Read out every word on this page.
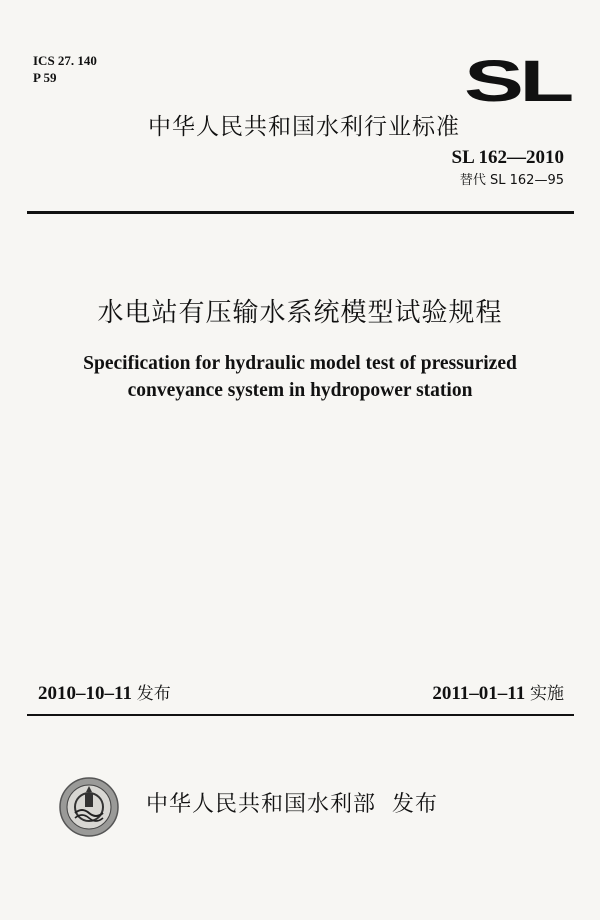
ICS 27. 140
P 59	SL
中华人民共和国水利行业标准
SL 162—2010
替代 SL 162—95
水电站有压输水系统模型试验规程
Specification for hydraulic model test of pressurized
conveyance system in hydropower station
2010–10–11 发布	2011–01–11 实施
中华人民共和国水利部 发布
